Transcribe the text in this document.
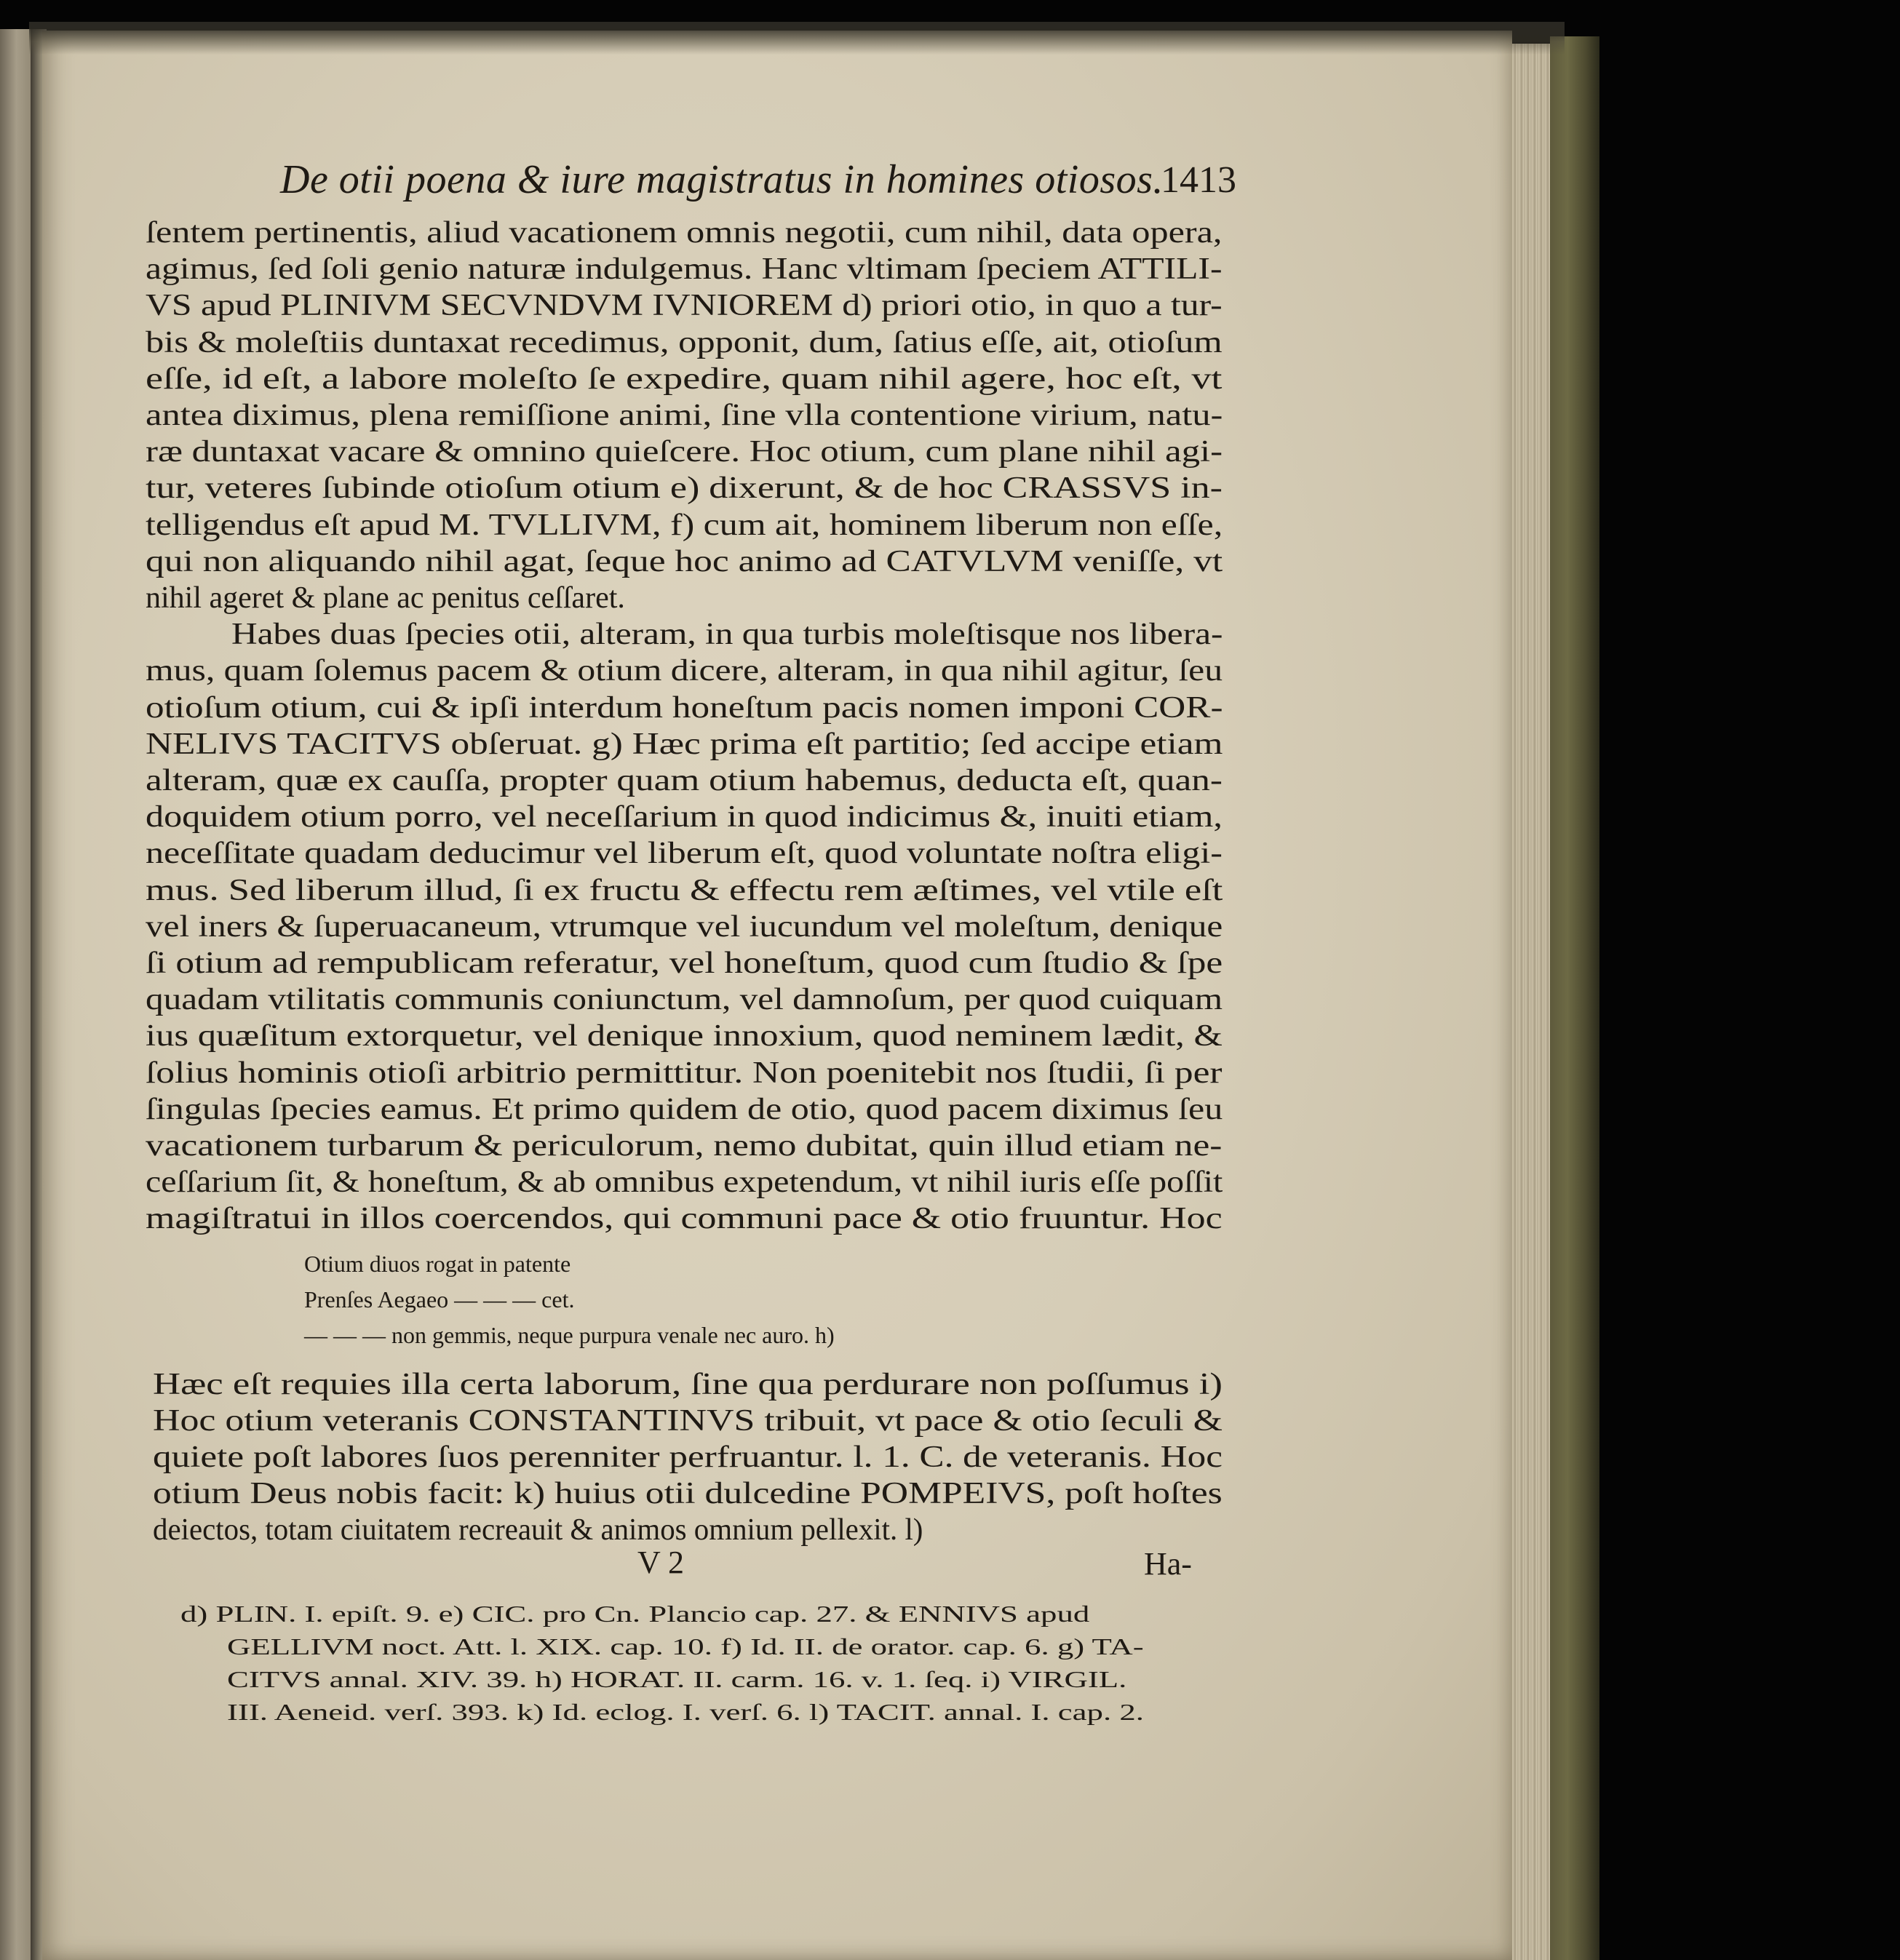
De otii poena & iure magistratus in homines otiosos.
1413
ſentem pertinentis, aliud vacationem omnis negotii, cum nihil, data opera,
agimus, ſed ſoli genio naturæ indulgemus. Hanc vltimam ſpeciem ATTILI-
VS apud PLINIVM SECVNDVM IVNIOREM d) priori otio, in quo a tur-
bis & moleſtiis duntaxat recedimus, opponit, dum, ſatius eſſe, ait, otioſum
eſſe, id eſt, a labore moleſto ſe expedire, quam nihil agere, hoc eſt, vt
antea diximus, plena remiſſione animi, ſine vlla contentione virium, natu-
ræ duntaxat vacare & omnino quieſcere. Hoc otium, cum plane nihil agi-
tur, veteres ſubinde otioſum otium e) dixerunt, & de hoc CRASSVS in-
telligendus eſt apud M. TVLLIVM, f) cum ait, hominem liberum non eſſe,
qui non aliquando nihil agat, ſeque hoc animo ad CATVLVM veniſſe, vt
nihil ageret & plane ac penitus ceſſaret.
Habes duas ſpecies otii, alteram, in qua turbis moleſtisque nos libera-
mus, quam ſolemus pacem & otium dicere, alteram, in qua nihil agitur, ſeu
otioſum otium, cui & ipſi interdum honeſtum pacis nomen imponi COR-
NELIVS TACITVS obſeruat. g) Hæc prima eſt partitio; ſed accipe etiam
alteram, quæ ex cauſſa, propter quam otium habemus, deducta eſt, quan-
doquidem otium porro, vel neceſſarium in quod indicimus &, inuiti etiam,
neceſſitate quadam deducimur vel liberum eſt, quod voluntate noſtra eligi-
mus. Sed liberum illud, ſi ex fructu & effectu rem æſtimes, vel vtile eſt
vel iners & ſuperuacaneum, vtrumque vel iucundum vel moleſtum, denique
ſi otium ad rempublicam referatur, vel honeſtum, quod cum ſtudio & ſpe
quadam vtilitatis communis coniunctum, vel damnoſum, per quod cuiquam
ius quæſitum extorquetur, vel denique innoxium, quod neminem lædit, &
ſolius hominis otioſi arbitrio permittitur. Non poenitebit nos ſtudii, ſi per
ſingulas ſpecies eamus. Et primo quidem de otio, quod pacem diximus ſeu
vacationem turbarum & periculorum, nemo dubitat, quin illud etiam ne-
ceſſarium ſit, & honeſtum, & ab omnibus expetendum, vt nihil iuris eſſe poſſit
magiſtratui in illos coercendos, qui communi pace & otio fruuntur. Hoc
Otium diuos rogat in patente
Prenſes Aegaeo — — — cet.
— — — non gemmis, neque purpura venale nec auro. h)
Hæc eſt requies illa certa laborum, ſine qua perdurare non poſſumus i)
Hoc otium veteranis CONSTANTINVS tribuit, vt pace & otio ſeculi &
quiete poſt labores ſuos perenniter perfruantur. l. 1. C. de veteranis. Hoc
otium Deus nobis facit: k) huius otii dulcedine POMPEIVS, poſt hoſtes
deiectos, totam ciuitatem recreauit & animos omnium pellexit. l)
V 2	Ha-
d) PLIN. I. epiſt. 9. e) CIC. pro Cn. Plancio cap. 27. & ENNIVS apud
GELLIVM noct. Att. l. XIX. cap. 10. f) Id. II. de orator. cap. 6. g) TA-
CITVS annal. XIV. 39. h) HORAT. II. carm. 16. v. 1. ſeq. i) VIRGIL.
III. Aeneid. verſ. 393. k) Id. eclog. I. verſ. 6. l) TACIT. annal. I. cap. 2.
